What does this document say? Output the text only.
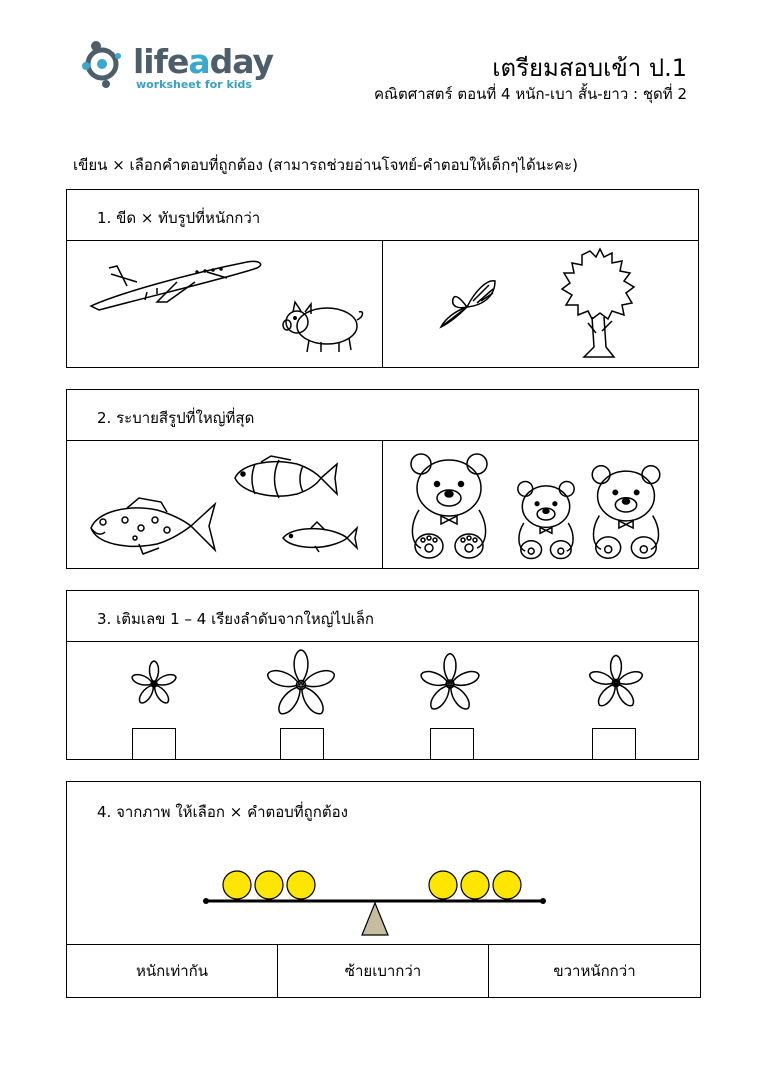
lifeaday
worksheet for kids
เตรียมสอบเข้า ป.1
คณิตศาสตร์ ตอนที่ 4 หนัก-เบา สั้น-ยาว : ชุดที่ 2
เขียน × เลือกคำตอบที่ถูกต้อง (สามารถช่วยอ่านโจทย์-คำตอบให้เด็กๆได้นะคะ)
1. ขีด × ทับรูปที่หนักกว่า
2. ระบายสีรูปที่ใหญ่ที่สุด
3. เติมเลข 1 – 4 เรียงลำดับจากใหญ่ไปเล็ก
4. จากภาพ ให้เลือก × คำตอบที่ถูกต้อง
หนักเท่ากัน	ซ้ายเบากว่า	ขวาหนักกว่า
